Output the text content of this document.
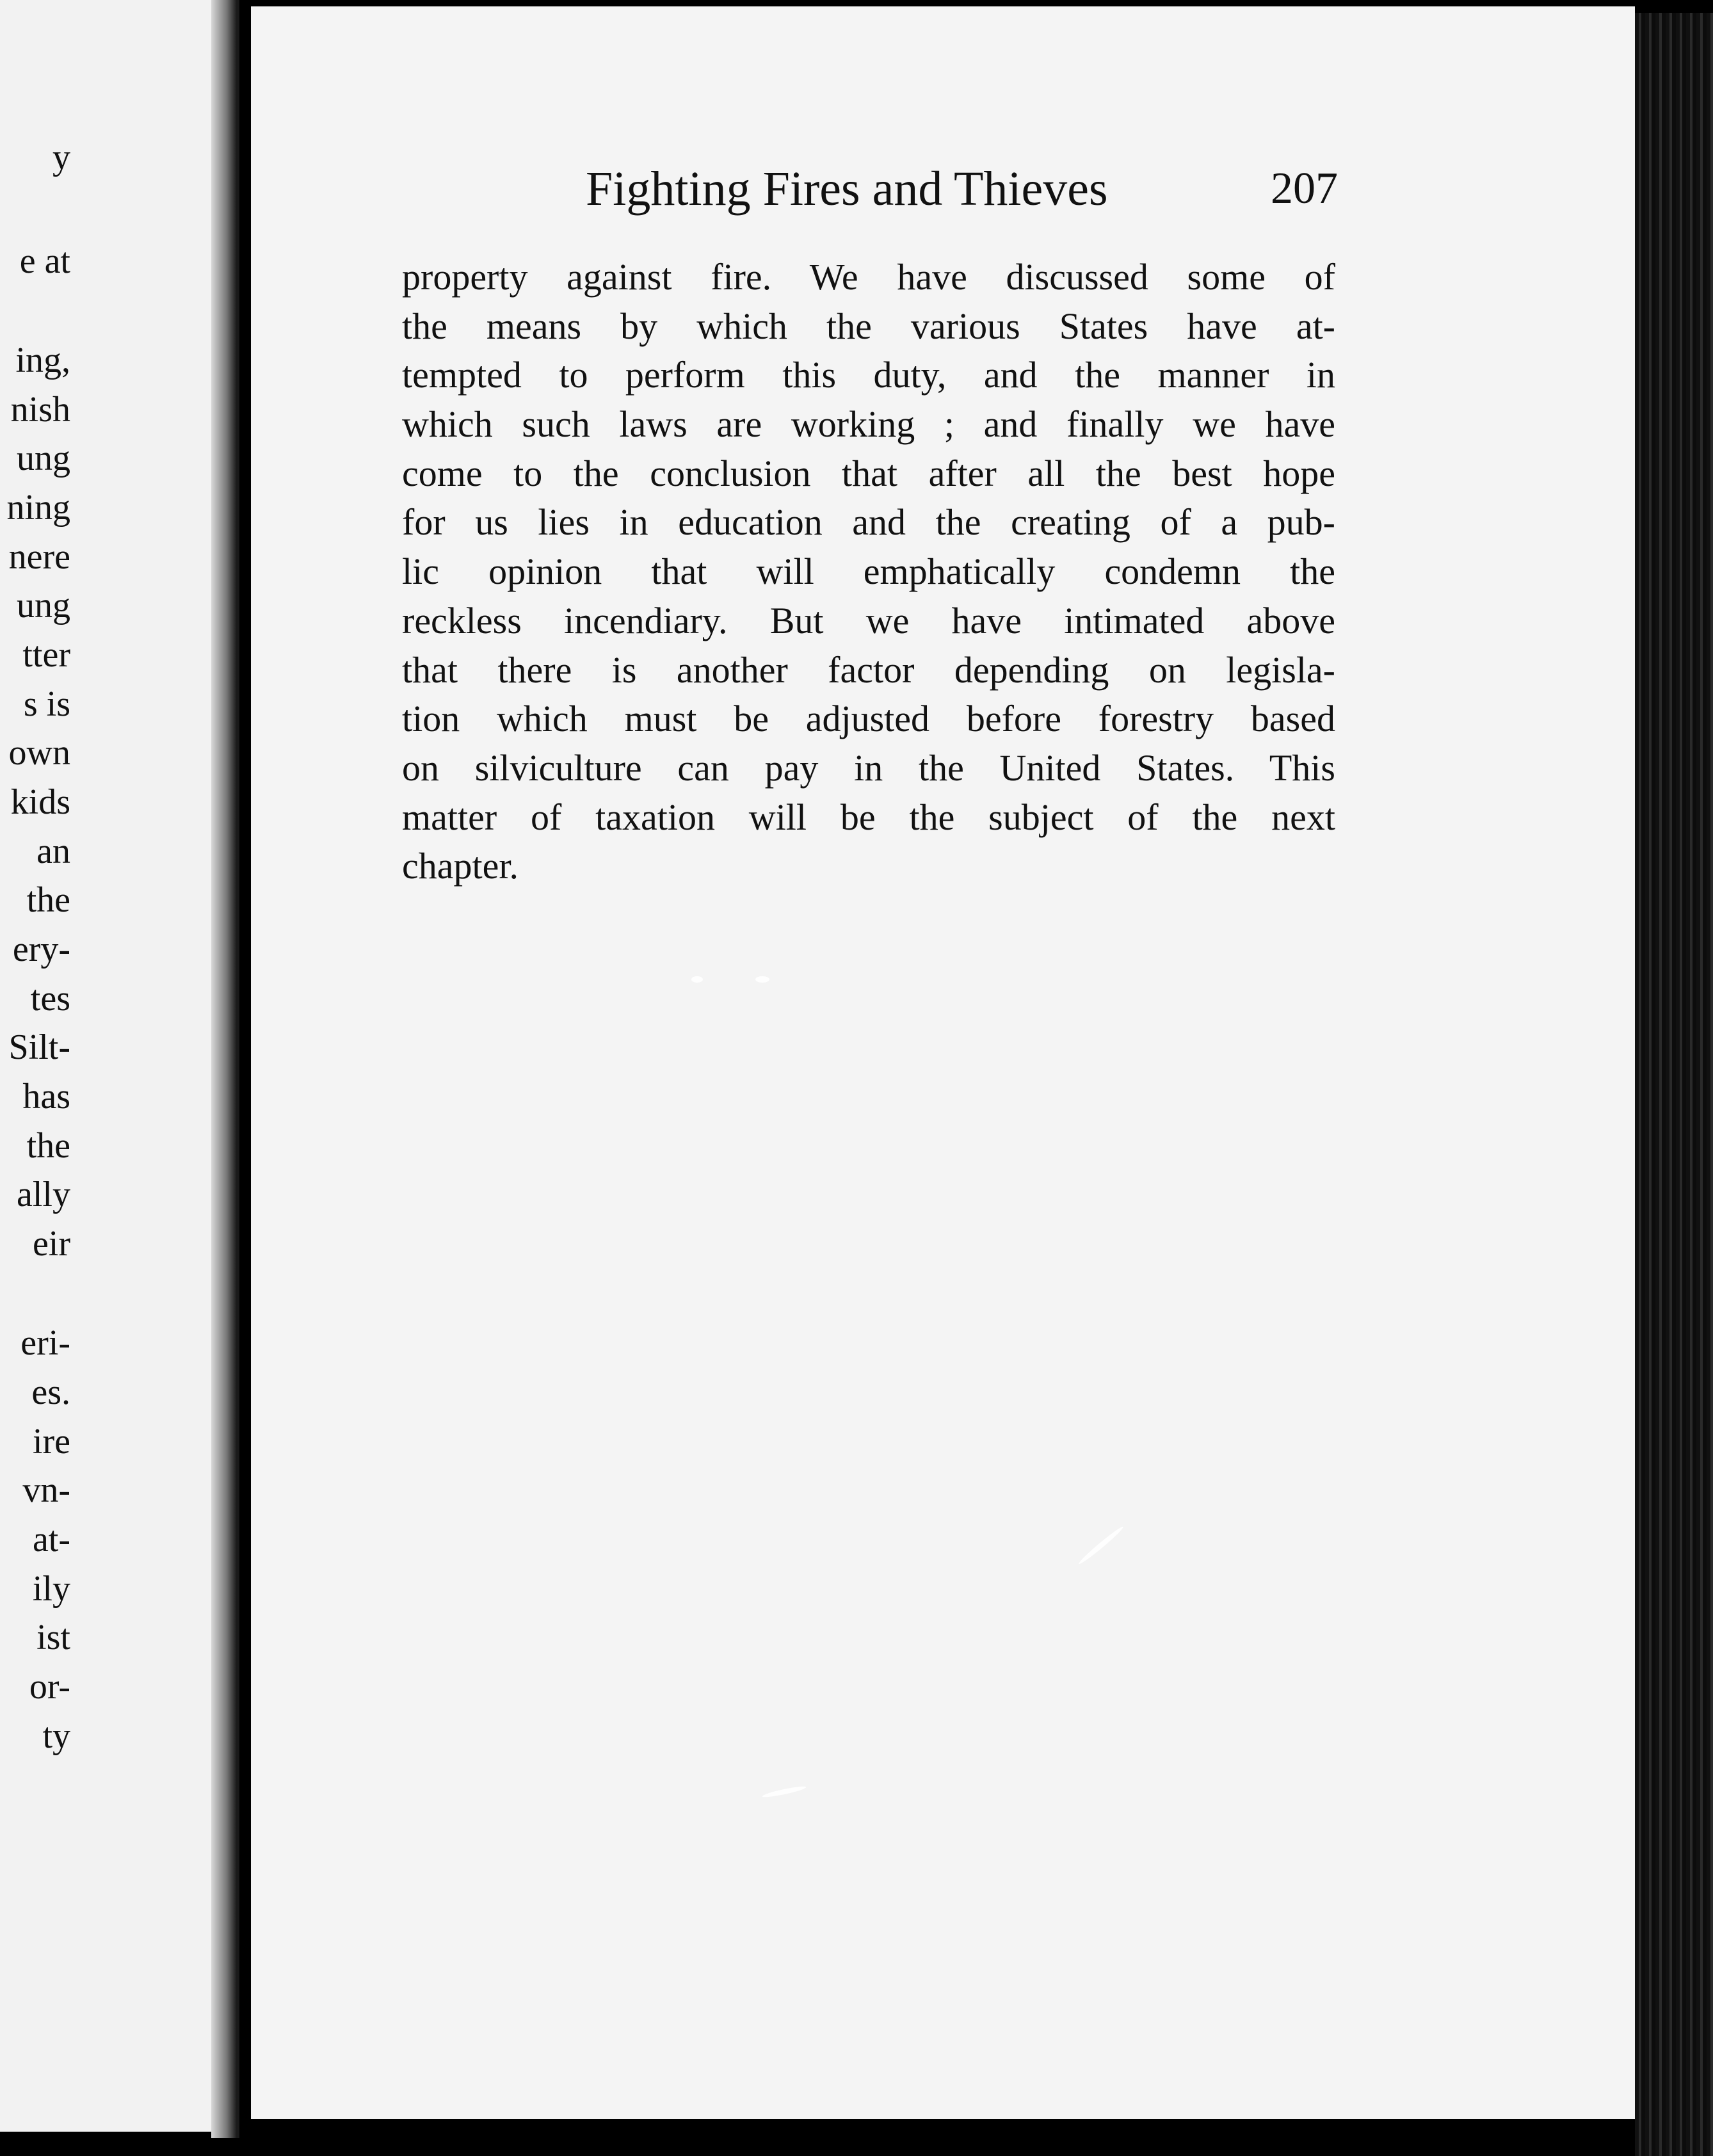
y
e at
ing,
nish
ung
ning
nere
ung
tter
s is
own
kids
an
the
ery-
tes
Silt-
has
the
ally
eir
eri-
es.
ire
vn-
at-
ily
ist
or-
ty
Fighting Fires and Thieves	207
property against fire. We have discussed some of
the means by which the various States have at-
tempted to perform this duty, and the manner in
which such laws are working ; and finally we have
come to the conclusion that after all the best hope
for us lies in education and the creating of a pub-
lic opinion that will emphatically condemn the
reckless incendiary. But we have intimated above
that there is another factor depending on legisla-
tion which must be adjusted before forestry based
on silviculture can pay in the United States. This
matter of taxation will be the subject of the next
chapter.
